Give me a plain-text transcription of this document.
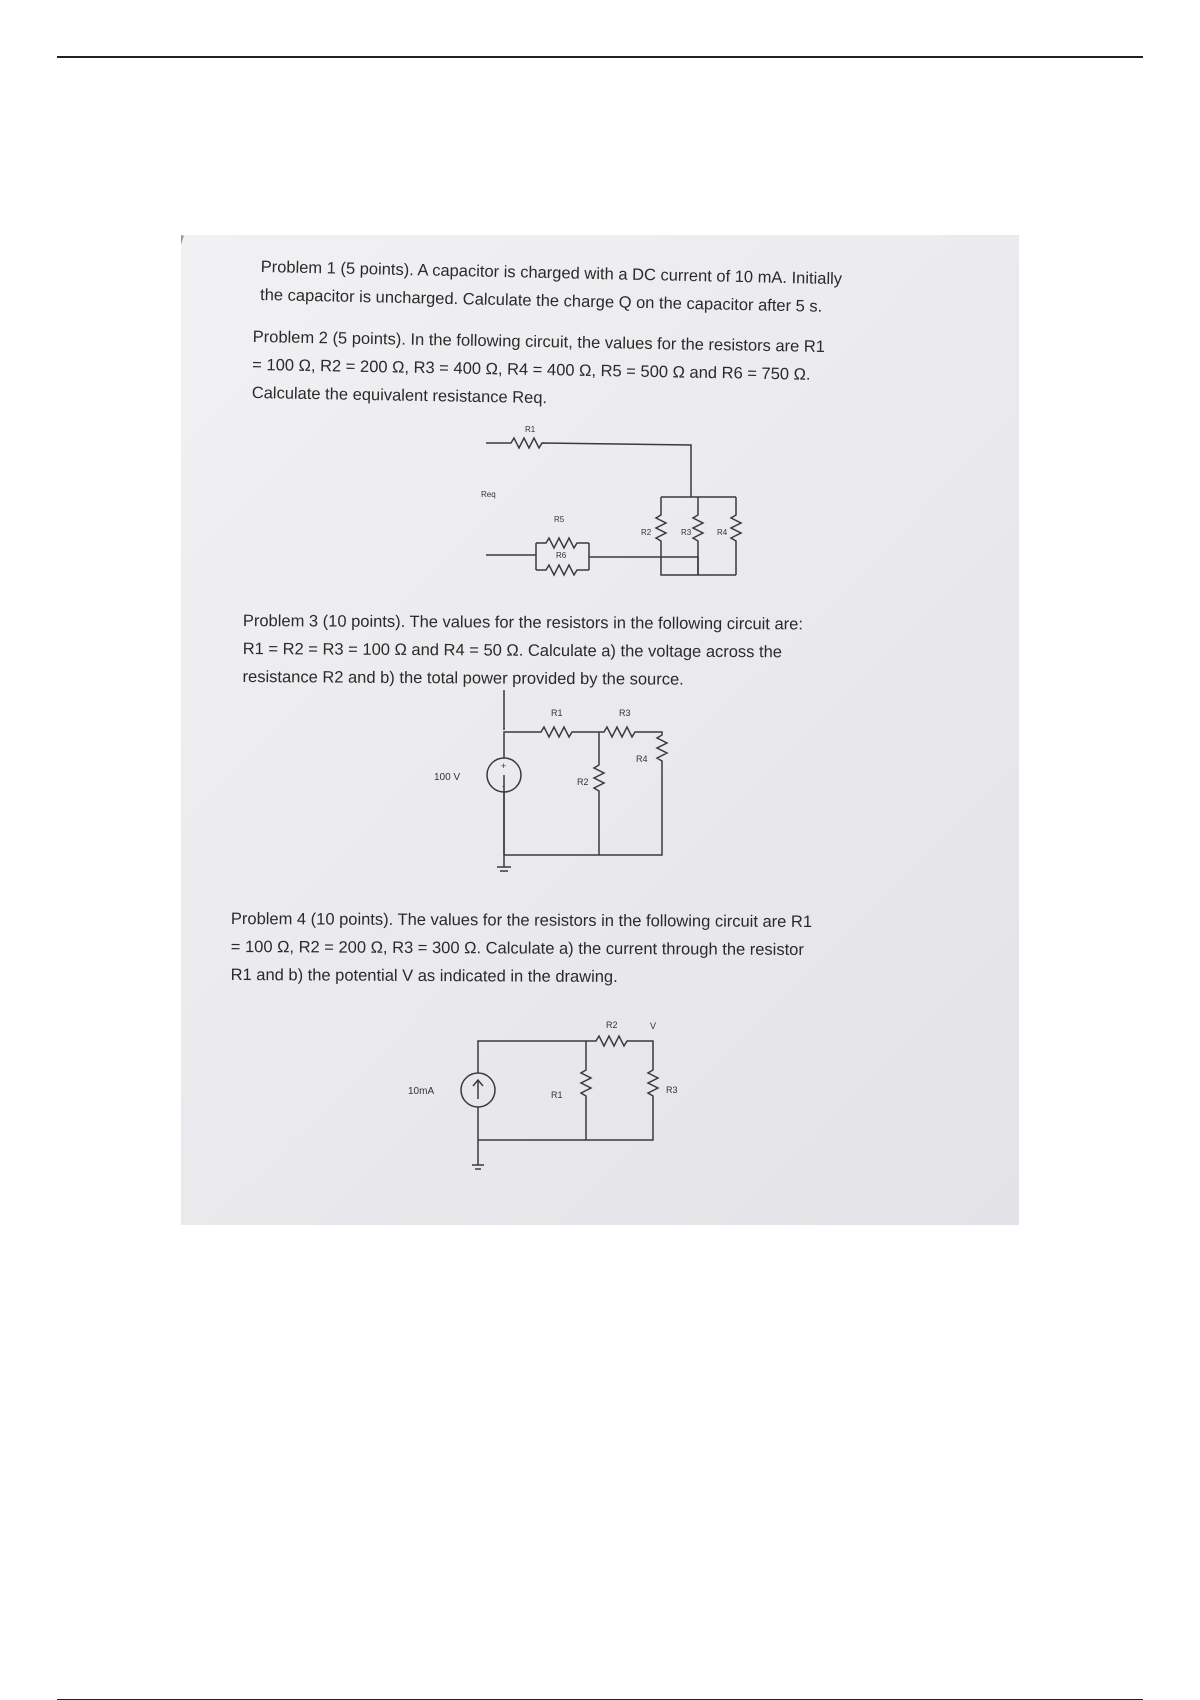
Problem 1 (5 points). A capacitor is charged with a DC current of 10 mA. Initially

the capacitor is uncharged. Calculate the charge Q on the capacitor after 5 s.

Problem 2 (5 points). In the following circuit, the values for the resistors are R1

= 100 Ω, R2 = 200 Ω, R3 = 400 Ω, R4 = 400 Ω, R5 = 500 Ω and R6 = 750 Ω.

Calculate the equivalent resistance Req.

R1
Req
R2	R3	R4
R5
R6

Problem 3 (10 points). The values for the resistors in the following circuit are:

R1 = R2 = R3 = 100 Ω and R4 = 50 Ω. Calculate a) the voltage across the

resistance R2 and b) the total power provided by the source.

+
-
R1	R3
R4
R2
100 V

Problem 4 (10 points). The values for the resistors in the following circuit are R1

= 100 Ω, R2 = 200 Ω, R3 = 300 Ω. Calculate a) the current through the resistor

R1 and b) the potential V as indicated in the drawing.

R2	V
R1	R3
10mA
